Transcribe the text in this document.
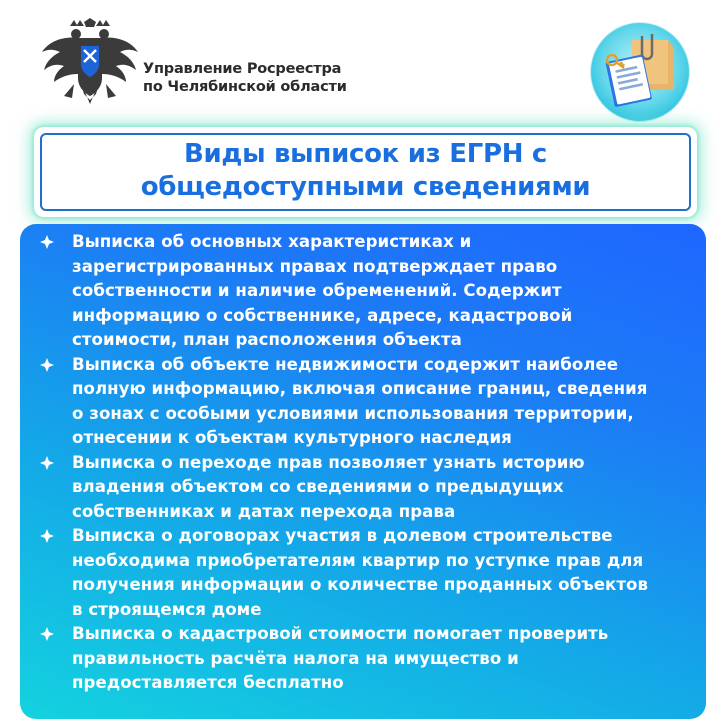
Управление Росреестра
по Челябинской области
Виды выписок из ЕГРН с
общедоступными сведениями
Выписка об основных характеристиках и
зарегистрированных правах подтверждает право
собственности и наличие обременений. Содержит
информацию о собственнике, адресе, кадастровой
стоимости, план расположения объекта
Выписка об объекте недвижимости содержит наиболее
полную информацию, включая описание границ, сведения
о зонах с особыми условиями использования территории,
отнесении к объектам культурного наследия
Выписка о переходе прав позволяет узнать историю
владения объектом со сведениями о предыдущих
собственниках и датах перехода права
Выписка о договорах участия в долевом строительстве
необходима приобретателям квартир по уступке прав для
получения информации о количестве проданных объектов
в строящемся доме
Выписка о кадастровой стоимости помогает проверить
правильность расчёта налога на имущество и
предоставляется бесплатно
